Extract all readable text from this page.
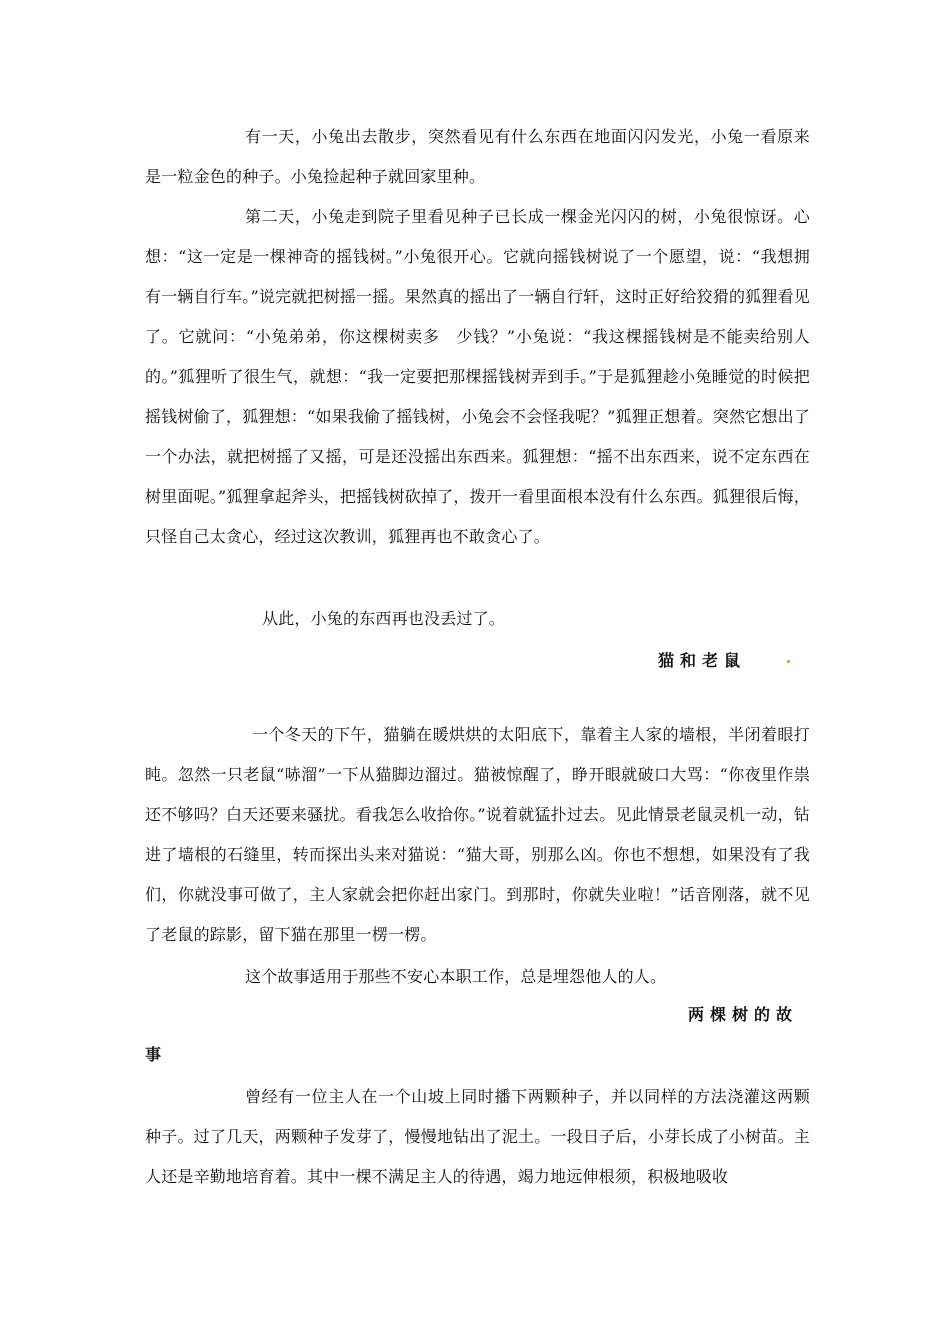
有一天，小兔出去散步，突然看见有什么东西在地面闪闪发光，小兔一看原来是一粒金色的种子。小兔捡起种子就回家里种。

第二天，小兔走到院子里看见种子已长成一棵金光闪闪的树，小兔很惊讶。心想：“这一定是一棵神奇的摇钱树。”小兔很开心。它就向摇钱树说了一个愿望，说：“我想拥有一辆自行车。”说完就把树摇一摇。果然真的摇出了一辆自行轩，这时正好给狡猾的狐狸看见了。它就问：“小兔弟弟，你这棵树卖多　少钱？”小兔说：“我这棵摇钱树是不能卖给别人的。”狐狸听了很生气，就想：“我一定要把那棵摇钱树弄到手。”于是狐狸趁小兔睡觉的时候把摇钱树偷了，狐狸想：“如果我偷了摇钱树，小兔会不会怪我呢？”狐狸正想着。突然它想出了一个办法，就把树摇了又摇，可是还没摇出东西来。狐狸想：“摇不出东西来，说不定东西在树里面呢。”狐狸拿起斧头，把摇钱树砍掉了，拨开一看里面根本没有什么东西。狐狸很后悔，只怪自己太贪心，经过这次教训，狐狸再也不敢贪心了。

从此，小兔的东西再也没丢过了。

猫和老鼠

一个冬天的下午，猫躺在暖烘烘的太阳底下，靠着主人家的墙根，半闭着眼打盹。忽然一只老鼠“哧溜”一下从猫脚边溜过。猫被惊醒了，睁开眼就破口大骂：“你夜里作祟还不够吗？白天还要来骚扰。看我怎么收拾你。”说着就猛扑过去。见此情景老鼠灵机一动，钻进了墙根的石缝里，转而探出头来对猫说：“猫大哥，别那么凶。你也不想想，如果没有了我们，你就没事可做了，主人家就会把你赶出家门。到那时，你就失业啦！”话音刚落，就不见了老鼠的踪影，留下猫在那里一楞一楞。

这个故事适用于那些不安心本职工作，总是埋怨他人的人。

两棵树的故
事

曾经有一位主人在一个山坡上同时播下两颗种子，并以同样的方法浇灌这两颗种子。过了几天，两颗种子发芽了，慢慢地钻出了泥土。一段日子后，小芽长成了小树苗。主人还是辛勤地培育着。其中一棵不满足主人的待遇，竭力地远伸根须，积极地吸收
